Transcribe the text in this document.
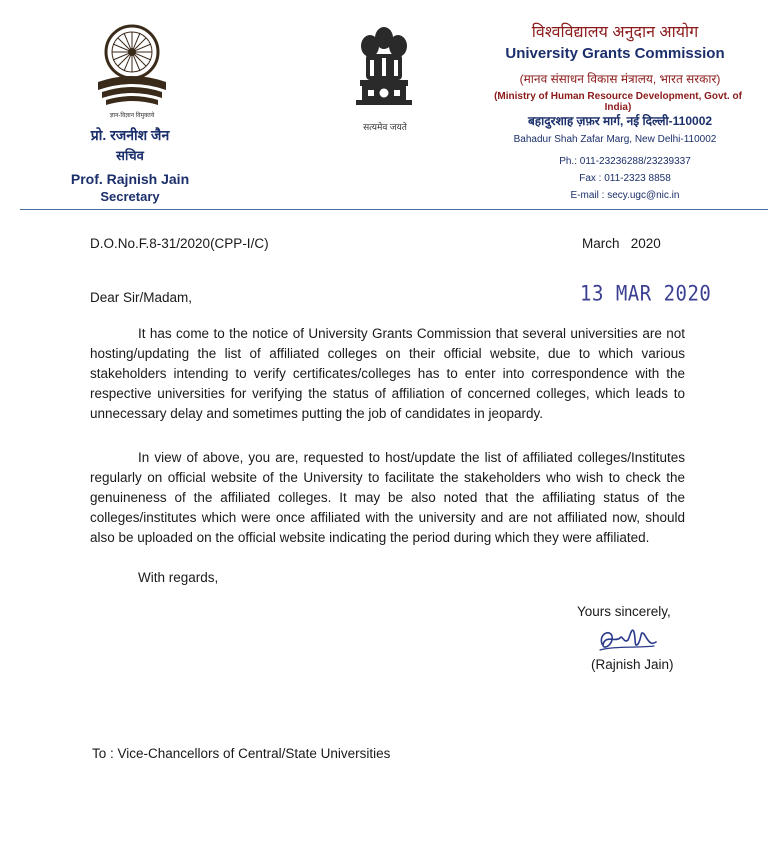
ज्ञान-विज्ञान विमुक्तये
प्रो. रजनीश जैन
सचिव
Prof. Rajnish Jain
Secretary
सत्यमेव जयते
विश्वविद्यालय अनुदान आयोग
University Grants Commission
(मानव संसाधन विकास मंत्रालय, भारत सरकार)
(Ministry of Human Resource Development, Govt. of India)
बहादुरशाह ज़फ़र मार्ग, नई दिल्ली-110002
Bahadur Shah Zafar Marg, New Delhi-110002
Ph.: 011-23236288/23239337
Fax : 011-2323 8858
E-mail : secy.ugc@nic.in
D.O.No.F.8-31/2020(CPP-I/C)	March   2020
13 MAR 2020
Dear Sir/Madam,

It has come to the notice of University Grants Commission that several universities are not hosting/updating the list of affiliated colleges on their official website, due to which various stakeholders intending to verify certificates/colleges has to enter into correspondence with the respective universities for verifying the status of affiliation of concerned colleges, which leads to unnecessary delay and sometimes putting the job of candidates in jeopardy.

In view of above, you are, requested to host/update the list of affiliated colleges/Institutes regularly on official website of the University to facilitate the stakeholders who wish to check the genuineness of the affiliated colleges. It may be also noted that the affiliating status of the colleges/institutes which were once affiliated with the university and are not affiliated now, should also be uploaded on the official website indicating the period during which they were affiliated.

With regards,
Yours sincerely,
(Rajnish Jain)
To : Vice-Chancellors of Central/State Universities
